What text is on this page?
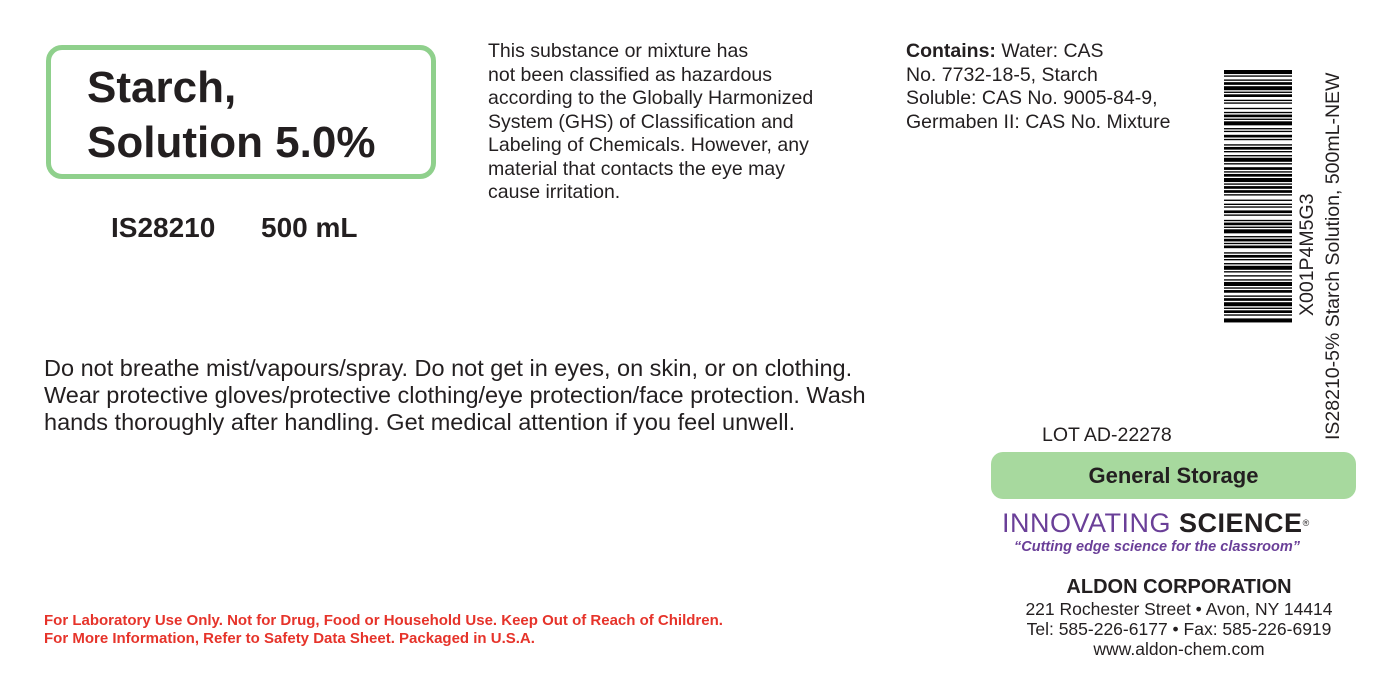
Starch,
Solution 5.0%
IS28210 500 mL
This substance or mixture has
not been classified as hazardous
according to the Globally Harmonized
System (GHS) of Classification and
Labeling of Chemicals. However, any
material that contacts the eye may
cause irritation.
Contains: Water: CAS
No. 7732-18-5, Starch
Soluble: CAS No. 9005-84-9,
Germaben II: CAS No. Mixture
Do not breathe mist/vapours/spray. Do not get in eyes, on skin, or on clothing.
Wear protective gloves/protective clothing/eye protection/face protection. Wash
hands thoroughly after handling. Get medical attention if you feel unwell.
X001P4M5G3 IS28210-5% Starch Solution, 500mL-NEW
LOT AD-22278
General Storage
INNOVATING SCIENCE®
“Cutting edge science for the classroom”
ALDON CORPORATION
221 Rochester Street • Avon, NY 14414
Tel: 585-226-6177 • Fax: 585-226-6919
www.aldon-chem.com
For Laboratory Use Only. Not for Drug, Food or Household Use. Keep Out of Reach of Children.
For More Information, Refer to Safety Data Sheet. Packaged in U.S.A.
